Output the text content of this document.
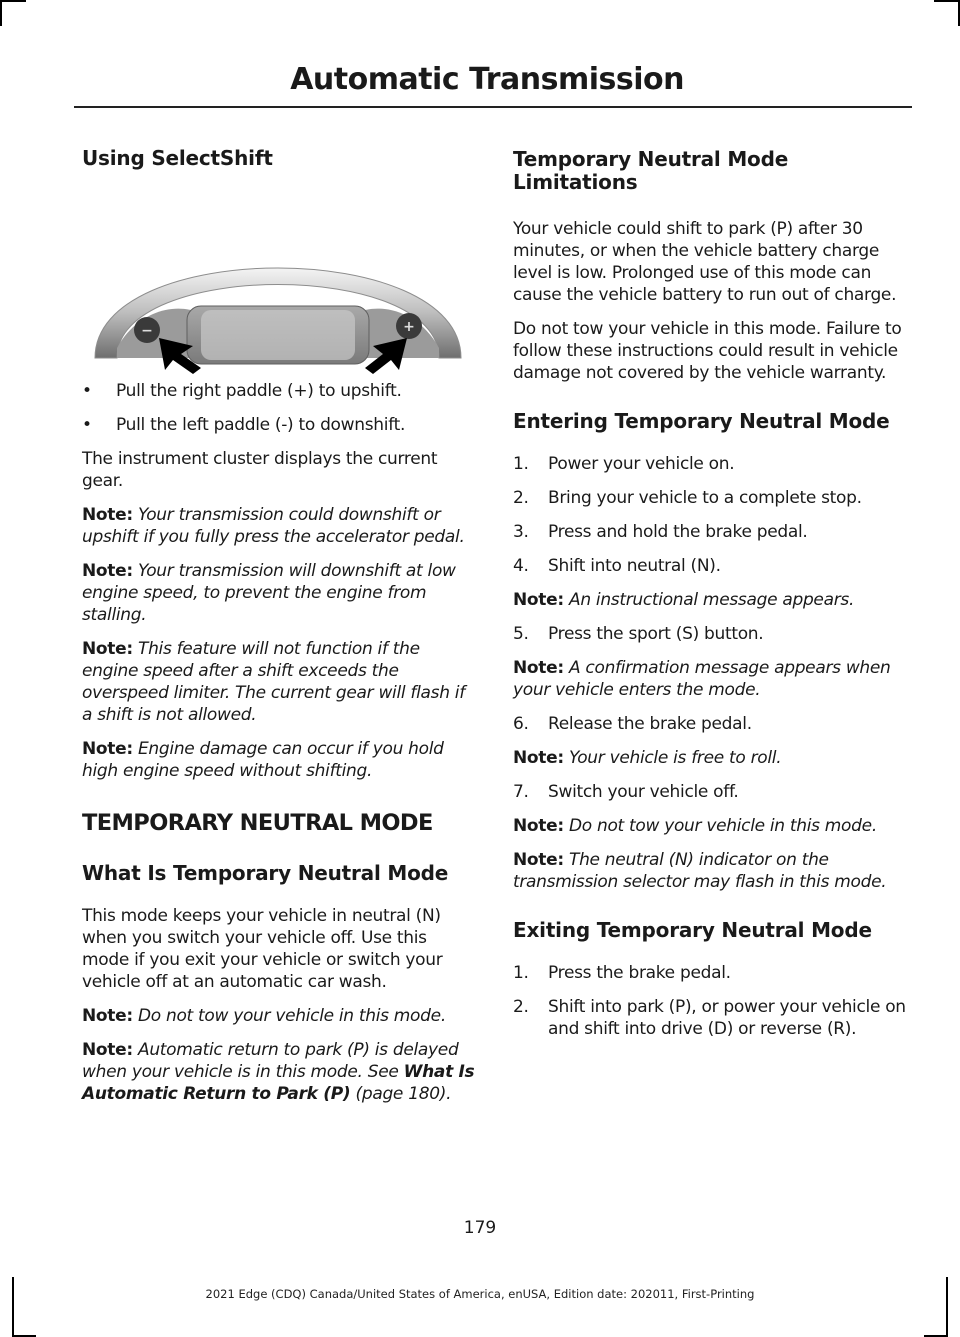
Automatic Transmission
Using SelectShift
•	Pull the right paddle (+) to upshift.
•	Pull the left paddle (-) to downshift.

The instrument cluster displays the current gear.

Note: Your transmission could downshift or upshift if you fully press the accelerator pedal.

Note: Your transmission will downshift at low engine speed, to prevent the engine from stalling.

Note: This feature will not function if the engine speed after a shift exceeds the overspeed limiter. The current gear will flash if a shift is not allowed.

Note: Engine damage can occur if you hold high engine speed without shifting.

TEMPORARY NEUTRAL MODE
What Is Temporary Neutral Mode

This mode keeps your vehicle in neutral (N) when you switch your vehicle off. Use this mode if you exit your vehicle or switch your vehicle off at an automatic car wash.

Note: Do not tow your vehicle in this mode.

Note: Automatic return to park (P) is delayed when your vehicle is in this mode. See What Is Automatic Return to Park (P) (page 180).

−	+
Temporary Neutral Mode Limitations

Your vehicle could shift to park (P) after 30 minutes, or when the vehicle battery charge level is low. Prolonged use of this mode can cause the vehicle battery to run out of charge.

Do not tow your vehicle in this mode. Failure to follow these instructions could result in vehicle damage not covered by the vehicle warranty.

Entering Temporary Neutral Mode
1.	Power your vehicle on.
2.	Bring your vehicle to a complete stop.
3.	Press and hold the brake pedal.
4.	Shift into neutral (N).

Note: An instructional message appears.

5.	Press the sport (S) button.

Note: A confirmation message appears when your vehicle enters the mode.

6.	Release the brake pedal.

Note: Your vehicle is free to roll.

7.	Switch your vehicle off.

Note: Do not tow your vehicle in this mode.

Note: The neutral (N) indicator on the transmission selector may flash in this mode.

Exiting Temporary Neutral Mode
1.	Press the brake pedal.
2.	Shift into park (P), or power your vehicle on and shift into drive (D) or reverse (R).
179
2021 Edge (CDQ) Canada/United States of America, enUSA, Edition date: 202011, First-Printing
